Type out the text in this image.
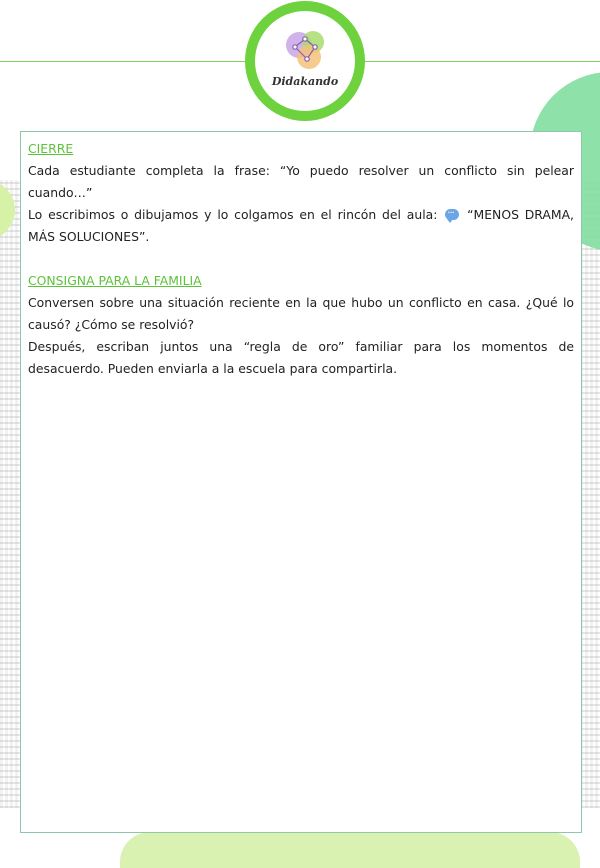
Didakando
CIERRE

Cada estudiante completa la frase: “Yo puedo resolver un conflicto sin pelear cuando…”

Lo escribimos o dibujamos y lo colgamos en el rincón del aula: ··· “MENOS DRAMA, MÁS SOLUCIONES”.

CONSIGNA PARA LA FAMILIA

Conversen sobre una situación reciente en la que hubo un conflicto en casa. ¿Qué lo causó? ¿Cómo se resolvió?

Después, escriban juntos una “regla de oro” familiar para los momentos de desacuerdo. Pueden enviarla a la escuela para compartirla.
